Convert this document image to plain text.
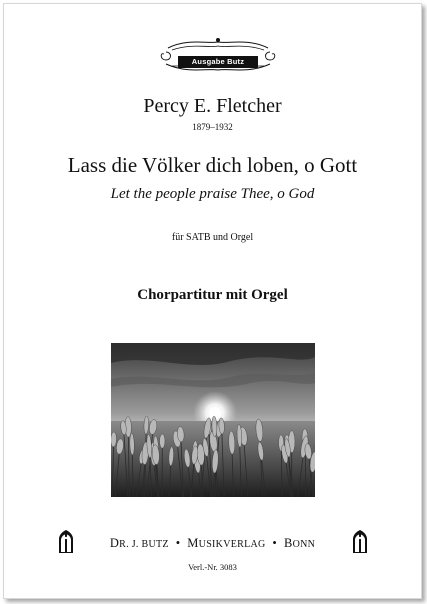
Ausgabe Butz
Percy E. Fletcher
1879–1932
Lass die Völker dich loben, o Gott
Let the people praise Thee, o God
für SATB und Orgel
Chorpartitur mit Orgel
DR. J. BUTZ • MUSIKVERLAG • BONN
Verl.-Nr. 3083
